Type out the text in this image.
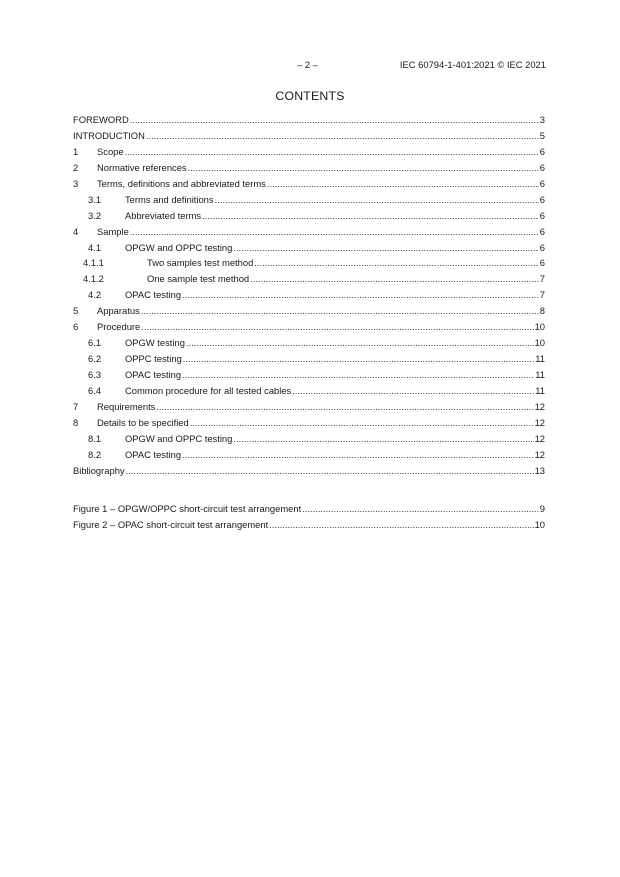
– 2 –	IEC 60794-1-401:2021 © IEC 2021
CONTENTS
FOREWORD .....	3
INTRODUCTION .....	5
1	Scope .....	6
2	Normative references .....	6
3	Terms, definitions and abbreviated terms .....	6
3.1	Terms and definitions .....	6
3.2	Abbreviated terms .....	6
4	Sample .....	6
4.1	OPGW and OPPC testing .....	6
4.1.1	Two samples test method .....	6
4.1.2	One sample test method .....	7
4.2	OPAC testing .....	7
5	Apparatus .....	8
6	Procedure .....	10
6.1	OPGW testing .....	10
6.2	OPPC testing .....	11
6.3	OPAC testing .....	11
6.4	Common procedure for all tested cables .....	11
7	Requirements .....	12
8	Details to be specified .....	12
8.1	OPGW and OPPC testing .....	12
8.2	OPAC testing .....	12
Bibliography .....	13
Figure 1 – OPGW/OPPC short-circuit test arrangement .....	9
Figure 2 – OPAC short-circuit test arrangement .....	10
